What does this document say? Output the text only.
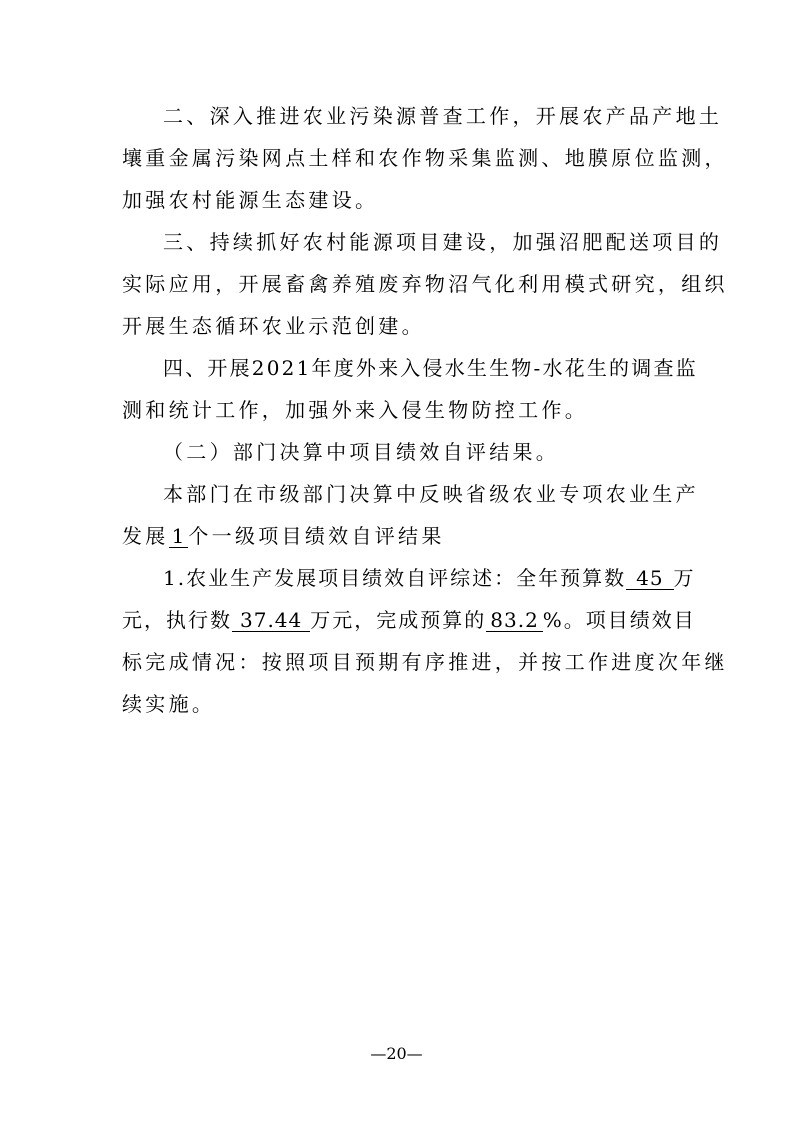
二、深入推进农业污染源普查工作，开展农产品产地土
壤重金属污染网点土样和农作物采集监测、地膜原位监测，
加强农村能源生态建设。
三、持续抓好农村能源项目建设，加强沼肥配送项目的
实际应用，开展畜禽养殖废弃物沼气化利用模式研究，组织
开展生态循环农业示范创建。
四、开展2021年度外来入侵水生生物-水花生的调查监
测和统计工作，加强外来入侵生物防控工作。
（二）部门决算中项目绩效自评结果。
本部门在市级部门决算中反映省级农业专项农业生产
发展 1 个一级项目绩效自评结果
1.农业生产发展项目绩效自评综述：全年预算数 45 万
元，执行数 37.44 万元，完成预算的 83.2 %。项目绩效目
标完成情况：按照项目预期有序推进，并按工作进度次年继
续实施。
—20—
